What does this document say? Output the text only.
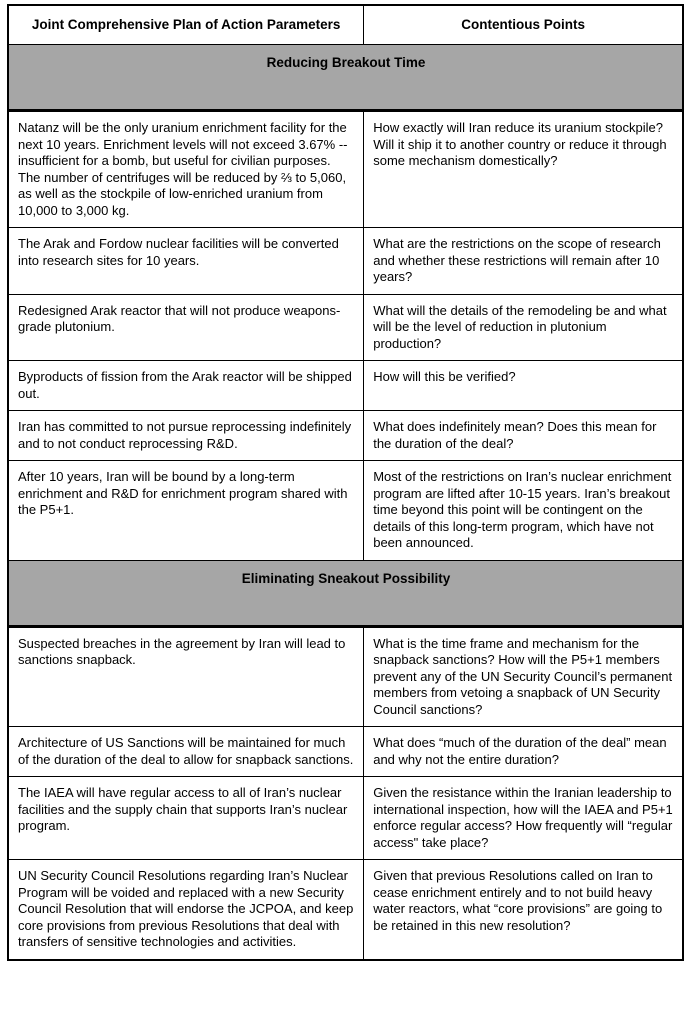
Joint Comprehensive Plan of Action Parameters	Contentious Points
Reducing Breakout Time	
Natanz will be the only uranium enrichment facility for the next 10 years. Enrichment levels will not exceed 3.67% -- insufficient for a bomb, but useful for civilian purposes. The number of centrifuges will be reduced by ⅔ to 5,060, as well as the stockpile of low-enriched uranium from 10,000 to 3,000 kg.	How exactly will Iran reduce its uranium stockpile? Will it ship it to another country or reduce it through some mechanism domestically?
The Arak and Fordow nuclear facilities will be converted into research sites for 10 years.	What are the restrictions on the scope of research and whether these restrictions will remain after 10 years?
Redesigned Arak reactor that will not produce weapons-grade plutonium.	What will the details of the remodeling be and what will be the level of reduction in plutonium production?
Byproducts of fission from the Arak reactor will be shipped out.	How will this be verified?
Iran has committed to not pursue reprocessing indefinitely and to not conduct reprocessing R&D.	What does indefinitely mean? Does this mean for the duration of the deal?
After 10 years, Iran will be bound by a long-term enrichment and R&D for enrichment program shared with the P5+1.	Most of the restrictions on Iran’s nuclear enrichment program are lifted after 10-15 years. Iran’s breakout time beyond this point will be contingent on the details of this long-term program, which have not been announced.
Eliminating Sneakout Possibility	
Suspected breaches in the agreement by Iran will lead to sanctions snapback.	What is the time frame and mechanism for the snapback sanctions? How will the P5+1 members prevent any of the UN Security Council’s permanent members from vetoing a snapback of UN Security Council sanctions?
Architecture of US Sanctions will be maintained for much of the duration of the deal to allow for snapback sanctions.	What does “much of the duration of the deal” mean and why not the entire duration?
The IAEA will have regular access to all of Iran’s nuclear facilities and the supply chain that supports Iran’s nuclear program.	Given the resistance within the Iranian leadership to international inspection, how will the IAEA and P5+1 enforce regular access? How frequently will “regular access" take place?
UN Security Council Resolutions regarding Iran’s Nuclear Program will be voided and replaced with a new Security Council Resolution that will endorse the JCPOA, and keep core provisions from previous Resolutions that deal with transfers of sensitive technologies and activities.	Given that previous Resolutions called on Iran to cease enrichment entirely and to not build heavy water reactors, what “core provisions” are going to be retained in this new resolution?
